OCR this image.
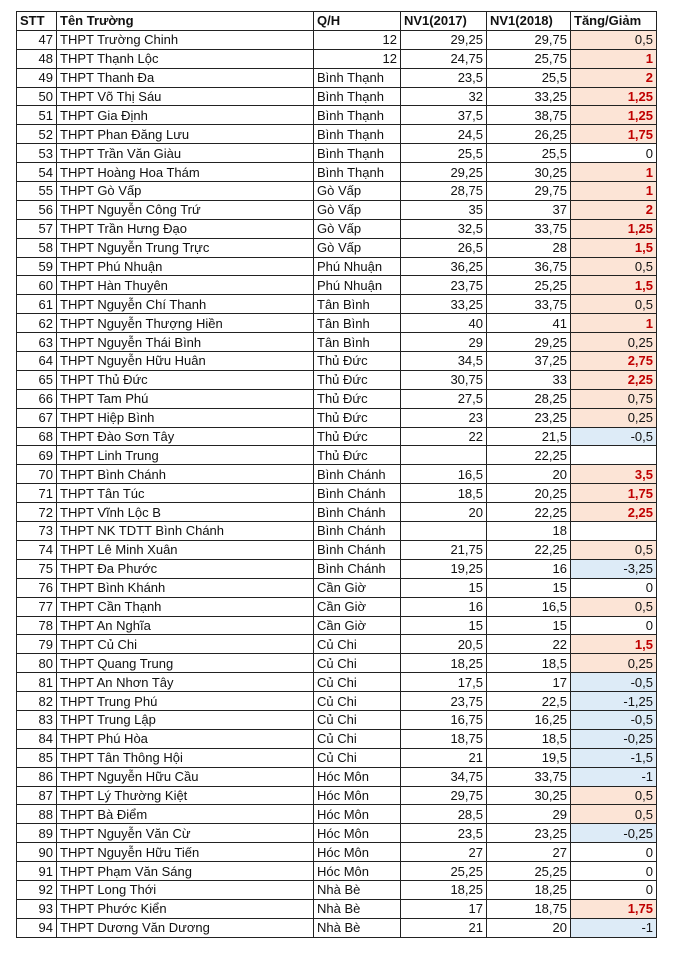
STT	Tên Trường	Q/H	NV1(2017)	NV1(2018)	Tăng/Giảm
47	THPT Trường Chinh	12	29,25	29,75	0,5
48	THPT Thạnh Lộc	12	24,75	25,75	1
49	THPT Thanh Đa	Bình Thạnh	23,5	25,5	2
50	THPT Võ Thị Sáu	Bình Thạnh	32	33,25	1,25
51	THPT Gia Định	Bình Thạnh	37,5	38,75	1,25
52	THPT Phan Đăng Lưu	Bình Thạnh	24,5	26,25	1,75
53	THPT Trần Văn Giàu	Bình Thạnh	25,5	25,5	0
54	THPT Hoàng Hoa Thám	Bình Thạnh	29,25	30,25	1
55	THPT Gò Vấp	Gò Vấp	28,75	29,75	1
56	THPT Nguyễn Công Trứ	Gò Vấp	35	37	2
57	THPT Trần Hưng Đạo	Gò Vấp	32,5	33,75	1,25
58	THPT Nguyễn Trung Trực	Gò Vấp	26,5	28	1,5
59	THPT Phú Nhuận	Phú Nhuận	36,25	36,75	0,5
60	THPT Hàn Thuyên	Phú Nhuận	23,75	25,25	1,5
61	THPT Nguyễn Chí Thanh	Tân Bình	33,25	33,75	0,5
62	THPT Nguyễn Thượng Hiền	Tân Bình	40	41	1
63	THPT Nguyễn Thái Bình	Tân Bình	29	29,25	0,25
64	THPT Nguyễn Hữu Huân	Thủ Đức	34,5	37,25	2,75
65	THPT Thủ Đức	Thủ Đức	30,75	33	2,25
66	THPT Tam Phú	Thủ Đức	27,5	28,25	0,75
67	THPT Hiệp Bình	Thủ Đức	23	23,25	0,25
68	THPT Đào Sơn Tây	Thủ Đức	22	21,5	-0,5
69	THPT Linh Trung	Thủ Đức		22,25	
70	THPT Bình Chánh	Bình Chánh	16,5	20	3,5
71	THPT Tân Túc	Bình Chánh	18,5	20,25	1,75
72	THPT Vĩnh Lộc B	Bình Chánh	20	22,25	2,25
73	THPT NK TDTT Bình Chánh	Bình Chánh		18	
74	THPT Lê Minh Xuân	Bình Chánh	21,75	22,25	0,5
75	THPT Đa Phước	Bình Chánh	19,25	16	-3,25
76	THPT Bình Khánh	Cần Giờ	15	15	0
77	THPT Cần Thạnh	Cần Giờ	16	16,5	0,5
78	THPT An Nghĩa	Cần Giờ	15	15	0
79	THPT Củ Chi	Củ Chi	20,5	22	1,5
80	THPT Quang Trung	Củ Chi	18,25	18,5	0,25
81	THPT An Nhơn Tây	Củ Chi	17,5	17	-0,5
82	THPT Trung Phú	Củ Chi	23,75	22,5	-1,25
83	THPT Trung Lập	Củ Chi	16,75	16,25	-0,5
84	THPT Phú Hòa	Củ Chi	18,75	18,5	-0,25
85	THPT Tân Thông Hội	Củ Chi	21	19,5	-1,5
86	THPT Nguyễn Hữu Cầu	Hóc Môn	34,75	33,75	-1
87	THPT Lý Thường Kiệt	Hóc Môn	29,75	30,25	0,5
88	THPT Bà Điểm	Hóc Môn	28,5	29	0,5
89	THPT Nguyễn Văn Cừ	Hóc Môn	23,5	23,25	-0,25
90	THPT Nguyễn Hữu Tiến	Hóc Môn	27	27	0
91	THPT Phạm Văn Sáng	Hóc Môn	25,25	25,25	0
92	THPT Long Thới	Nhà Bè	18,25	18,25	0
93	THPT Phước Kiển	Nhà Bè	17	18,75	1,75
94	THPT Dương Văn Dương	Nhà Bè	21	20	-1
